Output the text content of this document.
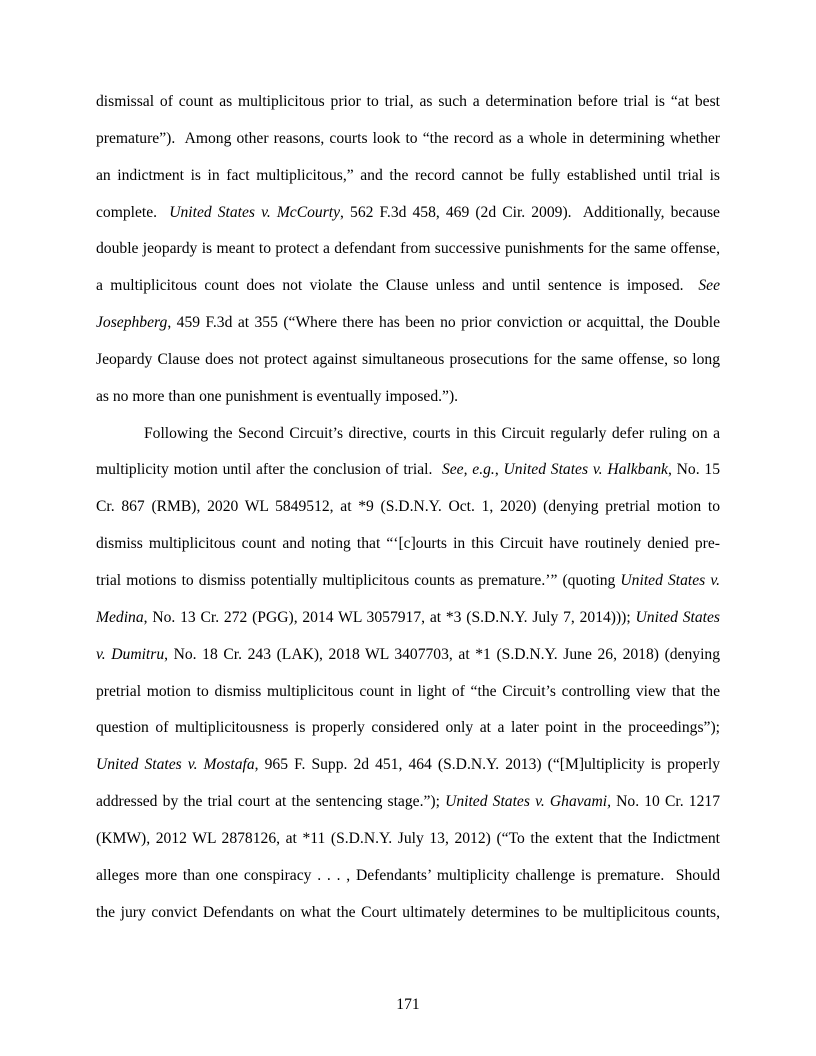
dismissal of count as multiplicitous prior to trial, as such a determination before trial is “at best
premature”).  Among other reasons, courts look to “the record as a whole in determining whether
an indictment is in fact multiplicitous,” and the record cannot be fully established until trial is
complete.  United States v. McCourty, 562 F.3d 458, 469 (2d Cir. 2009).  Additionally, because
double jeopardy is meant to protect a defendant from successive punishments for the same offense,
a multiplicitous count does not violate the Clause unless and until sentence is imposed.  See
Josephberg, 459 F.3d at 355 (“Where there has been no prior conviction or acquittal, the Double
Jeopardy Clause does not protect against simultaneous prosecutions for the same offense, so long
as no more than one punishment is eventually imposed.”).
Following the Second Circuit’s directive, courts in this Circuit regularly defer ruling on a
multiplicity motion until after the conclusion of trial.  See, e.g., United States v. Halkbank, No. 15
Cr. 867 (RMB), 2020 WL 5849512, at *9 (S.D.N.Y. Oct. 1, 2020) (denying pretrial motion to
dismiss multiplicitous count and noting that “‘[c]ourts in this Circuit have routinely denied pre-
trial motions to dismiss potentially multiplicitous counts as premature.’” (quoting United States v.
Medina, No. 13 Cr. 272 (PGG), 2014 WL 3057917, at *3 (S.D.N.Y. July 7, 2014))); United States
v. Dumitru, No. 18 Cr. 243 (LAK), 2018 WL 3407703, at *1 (S.D.N.Y. June 26, 2018) (denying
pretrial motion to dismiss multiplicitous count in light of “the Circuit’s controlling view that the
question of multiplicitousness is properly considered only at a later point in the proceedings”);
United States v. Mostafa, 965 F. Supp. 2d 451, 464 (S.D.N.Y. 2013) (“[M]ultiplicity is properly
addressed by the trial court at the sentencing stage.”); United States v. Ghavami, No. 10 Cr. 1217
(KMW), 2012 WL 2878126, at *11 (S.D.N.Y. July 13, 2012) (“To the extent that the Indictment
alleges more than one conspiracy . . . , Defendants’ multiplicity challenge is premature.  Should
the jury convict Defendants on what the Court ultimately determines to be multiplicitous counts,
171
